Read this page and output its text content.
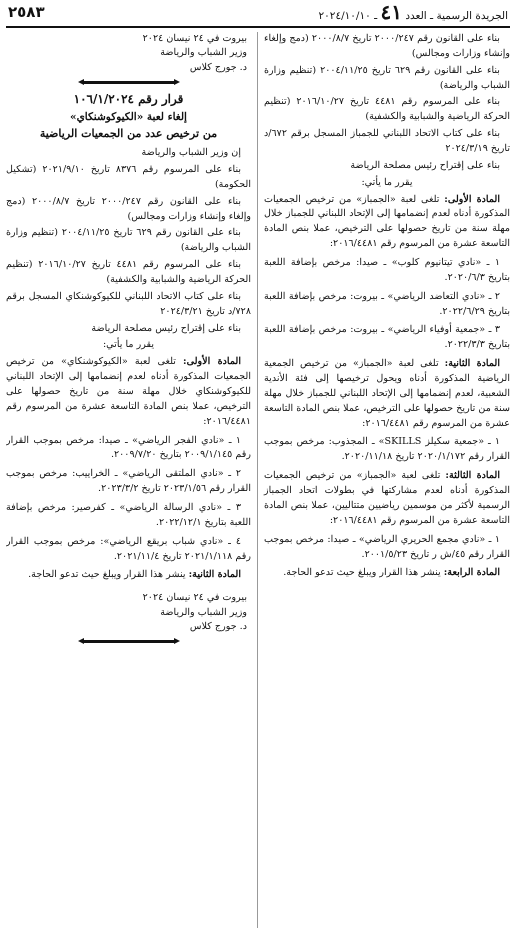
الجريدة الرسمية ـ العدد ٤١ ـ ٢٠٢٤/١٠/١٠
٢٥٨٣

بناء على القانون رقم ٢٠٠٠/٢٤٧ تاريخ ٢٠٠٠/٨/٧ (دمج وإلغاء وإنشاء وزارات ومجالس)

بناء على القانون رقم ٦٢٩ تاريخ ٢٠٠٤/١١/٢٥ (تنظيم وزارة الشباب والرياضة)

بناء على المرسوم رقم ٤٤٨١ تاريخ ٢٠١٦/١٠/٢٧ (تنظيم الحركة الرياضية والشبابية والكشفية)

بناء على كتاب الاتحاد اللبناني للجمباز المسجل برقم ٦٧٢/د تاريخ ٢٠٢٤/٣/١٩

بناء على إقتراح رئيس مصلحة الرياضة

يقرر ما يأتي:

المادة الأولى: تلغى لعبة «الجمباز» من ترخيص الجمعيات المذكورة أدناه لعدم إنضمامها إلى الإتحاد اللبناني للجمباز خلال مهلة سنة من تاريخ حصولها على الترخيص، عملا بنص المادة التاسعة عشرة من المرسوم رقم ٢٠١٦/٤٤٨١:

١ ـ «نادي تيتانيوم كلوب» ـ صيدا: مرخص بإضافة اللعبة بتاريخ ٢٠٢٠/٦/٣.

٢ ـ «نادي التعاضد الرياضي» ـ بيروت: مرخص بإضافة اللعبة بتاريخ ٢٠٢٢/٦/٢٩.

٣ ـ «جمعية أوفياء الرياضي» ـ بيروت: مرخص بإضافة اللعبة بتاريخ ٢٠٢٢/٣/٣.

المادة الثانية: تلغى لعبة «الجمباز» من ترخيص الجمعية الرياضية المذكورة أدناه ويحول ترخيصها إلى فئة الأندية الشعبية، لعدم إنضمامها إلى الإتحاد اللبناني للجمباز خلال مهلة سنة من تاريخ حصولها على الترخيص، عملا بنص المادة التاسعة عشرة من المرسوم رقم ٢٠١٦/٤٤٨١:

١ ـ «جمعية سكيلز SKILLS» ـ المجذوب: مرخص بموجب القرار رقم ٢٠٢٠/١/١٧٢ تاريخ ٢٠٢٠/١١/١٨.

المادة الثالثة: تلغى لعبة «الجمباز» من ترخيص الجمعيات المذكورة أدناه لعدم مشاركتها في بطولات اتحاد الجمباز الرسمية لأكثر من موسمين رياضيين متتاليين، عملا بنص المادة التاسعة عشرة من المرسوم رقم ٢٠١٦/٤٤٨١:

١ ـ «نادي مجمع الحريري الرياضي» ـ صيدا: مرخص بموجب القرار رقم ٤٥/ش ر تاريخ ٢٠٠١/٥/٢٣.

المادة الرابعة: ينشر هذا القرار ويبلغ حيث تدعو الحاجة.

بيروت في ٢٤ نيسان ٢٠٢٤
وزير الشباب والرياضة
د. جورج كلاس
قرار رقم ١٠٦/١/٢٠٢٤
إلغاء لعبة «الكيوكوشنكاي»
من ترخيص عدد من الجمعيات الرياضية

إن وزير الشباب والرياضة

بناء على المرسوم رقم ٨٣٧٦ تاريخ ٢٠٢١/٩/١٠ (تشكيل الحكومة)

بناء على القانون رقم ٢٠٠٠/٢٤٧ تاريخ ٢٠٠٠/٨/٧ (دمج وإلغاء وإنشاء وزارات ومجالس)

بناء على القانون رقم ٦٢٩ تاريخ ٢٠٠٤/١١/٢٥ (تنظيم وزارة الشباب والرياضة)

بناء على المرسوم رقم ٤٤٨١ تاريخ ٢٠١٦/١٠/٢٧ (تنظيم الحركة الرياضية والشبابية والكشفية)

بناء على كتاب الاتحاد اللبناني للكيوكوشنكاي المسجل برقم ٧٢٨/د تاريخ ٢٠٢٤/٣/٢١

بناء على إقتراح رئيس مصلحة الرياضة

يقرر ما يأتي:

المادة الأولى: تلغى لعبة «الكيوكوشنكاي» من ترخيص الجمعيات المذكورة أدناه لعدم إنضمامها إلى الإتحاد اللبناني للكيوكوشنكاي خلال مهلة سنة من تاريخ حصولها على الترخيص، عملا بنص المادة التاسعة عشرة من المرسوم رقم ٢٠١٦/٤٤٨١:

١ ـ «نادي الفجر الرياضي» ـ صيدا: مرخص بموجب القرار رقم ٢٠٠٩/١/١٤٥ بتاريخ ٢٠٠٩/٧/٢٠.

٢ ـ «نادي الملتقى الرياضي» ـ الخراييب: مرخص بموجب القرار رقم ٢٠٢٣/١/٥٦ تاريخ ٢٠٢٣/٣/٢.

٣ ـ «نادي الرسالة الرياضي» ـ كفرصير: مرخص بإضافة اللعبة بتاريخ ٢٠٢٢/١٢/١.

٤ ـ «نادي شباب بريقع الرياضي»: مرخص بموجب القرار رقم ٢٠٢١/١/١١٨ تاريخ ٢٠٢١/١١/٤.

المادة الثانية: ينشر هذا القرار ويبلغ حيث تدعو الحاجة.

بيروت في ٢٤ نيسان ٢٠٢٤
وزير الشباب والرياضة
د. جورج كلاس
